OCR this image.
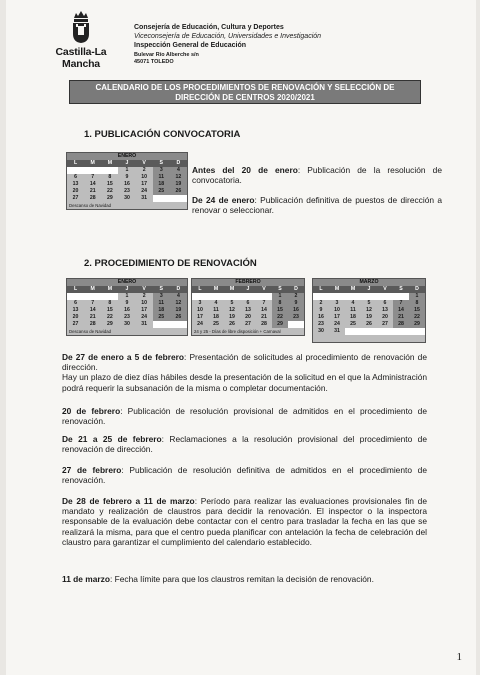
Castilla-La Mancha
Consejería de Educación, Cultura y Deportes
Viceconsejería de Educación, Universidades e Investigación
Inspección General de Educación
Bulevar Río Alberche s/n
45071 TOLEDO
CALENDARIO DE LOS PROCEDIMIENTOS DE RENOVACIÓN Y SELECCIÓN DE
DIRECCIÓN DE CENTROS 2020/2021
1. PUBLICACIÓN CONVOCATORIA
ENERO
L	M	M	J	V	S	D
			1	2	3	4
6	7	8	9	10	11	12
13	14	15	16	17	18	19
20	21	22	23	24	25	26
27	28	29	30	31		
Descanso de Navidad
Antes del 20 de enero: Publicación de la resolución de convocatoria.
De 24 de enero: Publicación definitiva de puestos de dirección a renovar o seleccionar.
2. PROCEDIMIENTO DE RENOVACIÓN
ENERO
L	M	M	J	V	S	D
			1	2	3	4
6	7	8	9	10	11	12
13	14	15	16	17	18	19
20	21	22	23	24	25	26
27	28	29	30	31		
Descanso de Navidad
FEBRERO
L	M	M	J	V	S	D
					1	2
3	4	5	6	7	8	9
10	11	12	13	14	15	16
17	18	19	20	21	22	23
24	25	26	27	28	29	
24 y 25 - Días de libre disposición + Carnaval
MARZO
L	M	M	J	V	S	D
						1
2	3	4	5	6	7	8
9	10	11	12	13	14	15
16	17	18	19	20	21	22
23	24	25	26	27	28	29
30	31					
De 27 de enero a 5 de febrero: Presentación de solicitudes al procedimiento de renovación de dirección.
Hay un plazo de diez días hábiles desde la presentación de la solicitud en el que la Administración podrá requerir la subsanación de la misma o completar documentación.
20 de febrero: Publicación de resolución provisional de admitidos en el procedimiento de renovación.
De 21 a 25 de febrero: Reclamaciones a la resolución provisional del procedimiento de renovación de dirección.
27 de febrero: Publicación de resolución definitiva de admitidos en el procedimiento de renovación.
De 28 de febrero a 11 de marzo: Período para realizar las evaluaciones provisionales fin de mandato y realización de claustros para decidir la renovación. El inspector o la inspectora responsable de la evaluación debe contactar con el centro para trasladar la fecha en las que se realizará la misma, para que el centro pueda planificar con antelación la fecha de celebración del claustro para garantizar el cumplimiento del calendario establecido.
11 de marzo: Fecha límite para que los claustros remitan la decisión de renovación.
1
